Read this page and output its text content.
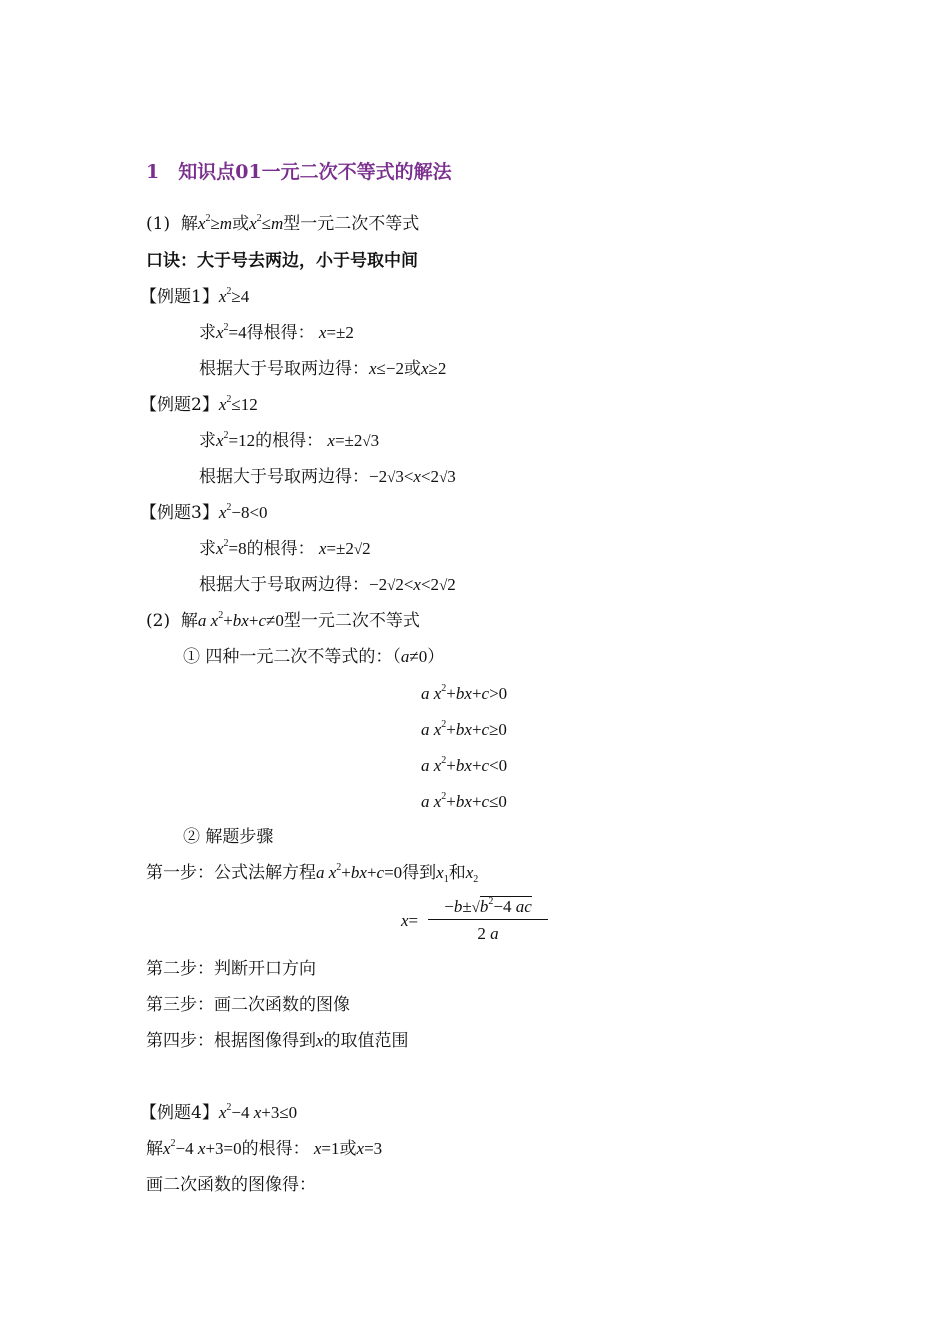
1　知识点01一元二次不等式的解法
(1) 解$x^2\ge m$或$x^2\le m$型一元二次不等式
口诀：大于号去两边，小于号取中间
【例题1】$x^2\ge 4$
求$x^2=4$得根得： x=±2
根据大于号取两边得：x≤−2或x≥2
【例题2】$x^2\le 12$
求$x^2=12$的根得： x=±2√3
根据大于号取两边得：−2√3<x<2√3
【例题3】$x^2-8<0$
求$x^2=8$的根得： x=±2√2
根据大于号取两边得：−2√2<x<2√2
(2) 解a $x^2+bx+c\ne 0$型一元二次不等式
① 四种一元二次不等式的：（a≠0）
a $x^2+bx+c>0$
a $x^2+bx+c\ge 0$
a $x^2+bx+c<0$
a $x^2+bx+c\le 0$
② 解题步骤
第一步：公式法解方程a $x^2+bx+c=0$得到$x_1$和$x_2$
$x= \frac{-b\pm√b^2-4 ac}{2 a}$
第二步：判断开口方向
第三步：画二次函数的图像
第四步：根据图像得到x的取值范围
【例题4】$x^2-4$ x+3≤0
解$x^2-4$ x+3=0的根得： x=1或x=3
画二次函数的图像得：
